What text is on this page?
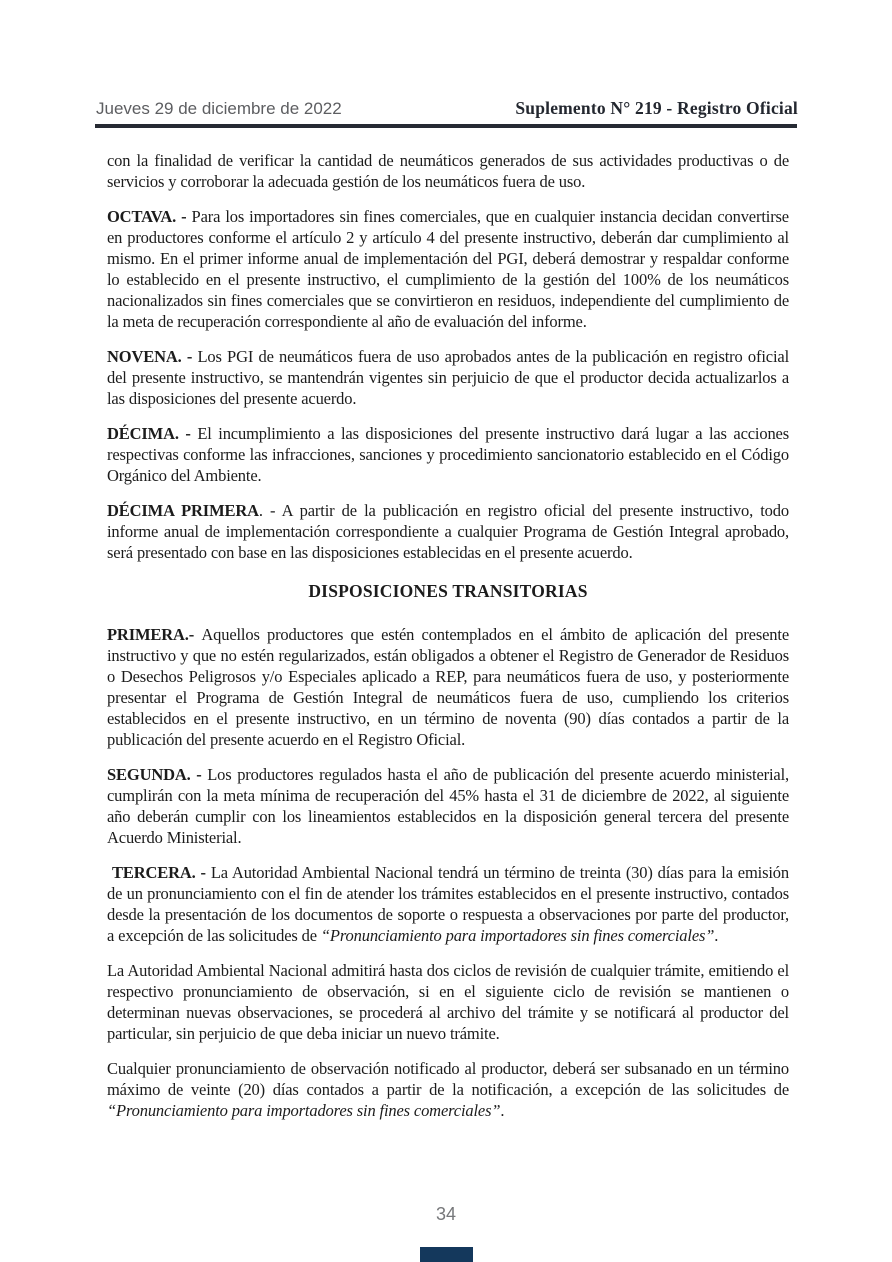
Jueves 29 de diciembre de 2022	Suplemento N° 219 - Registro Oficial

con la finalidad de verificar la cantidad de neumáticos generados de sus actividades productivas o de servicios y corroborar la adecuada gestión de los neumáticos fuera de uso.

OCTAVA. - Para los importadores sin fines comerciales, que en cualquier instancia decidan convertirse en productores conforme el artículo 2 y artículo 4 del presente instructivo, deberán dar cumplimiento al mismo. En el primer informe anual de implementación del PGI, deberá demostrar y respaldar conforme lo establecido en el presente instructivo, el cumplimiento de la gestión del 100% de los neumáticos nacionalizados sin fines comerciales que se convirtieron en residuos, independiente del cumplimiento de la meta de recuperación correspondiente al año de evaluación del informe.

NOVENA. - Los PGI de neumáticos fuera de uso aprobados antes de la publicación en registro oficial del presente instructivo, se mantendrán vigentes sin perjuicio de que el productor decida actualizarlos a las disposiciones del presente acuerdo.

DÉCIMA. - El incumplimiento a las disposiciones del presente instructivo dará lugar a las acciones respectivas conforme las infracciones, sanciones y procedimiento sancionatorio establecido en el Código Orgánico del Ambiente.

DÉCIMA PRIMERA. - A partir de la publicación en registro oficial del presente instructivo, todo informe anual de implementación correspondiente a cualquier Programa de Gestión Integral aprobado, será presentado con base en las disposiciones establecidas en el presente acuerdo.

DISPOSICIONES TRANSITORIAS

PRIMERA.- Aquellos productores que estén contemplados en el ámbito de aplicación del presente instructivo y que no estén regularizados, están obligados a obtener el Registro de Generador de Residuos o Desechos Peligrosos y/o Especiales aplicado a REP, para neumáticos fuera de uso, y posteriormente presentar el Programa de Gestión Integral de neumáticos fuera de uso, cumpliendo los criterios establecidos en el presente instructivo, en un término de noventa (90) días contados a partir de la publicación del presente acuerdo en el Registro Oficial.

SEGUNDA. - Los productores regulados hasta el año de publicación del presente acuerdo ministerial, cumplirán con la meta mínima de recuperación del 45% hasta el 31 de diciembre de 2022, al siguiente año deberán cumplir con los lineamientos establecidos en la disposición general tercera del presente Acuerdo Ministerial.

TERCERA. - La Autoridad Ambiental Nacional tendrá un término de treinta (30) días para la emisión de un pronunciamiento con el fin de atender los trámites establecidos en el presente instructivo, contados desde la presentación de los documentos de soporte o respuesta a observaciones por parte del productor, a excepción de las solicitudes de “Pronunciamiento para importadores sin fines comerciales”.

La Autoridad Ambiental Nacional admitirá hasta dos ciclos de revisión de cualquier trámite, emitiendo el respectivo pronunciamiento de observación, si en el siguiente ciclo de revisión se mantienen o determinan nuevas observaciones, se procederá al archivo del trámite y se notificará al productor del particular, sin perjuicio de que deba iniciar un nuevo trámite.

Cualquier pronunciamiento de observación notificado al productor, deberá ser subsanado en un término máximo de veinte (20) días contados a partir de la notificación, a excepción de las solicitudes de “Pronunciamiento para importadores sin fines comerciales”.

34
